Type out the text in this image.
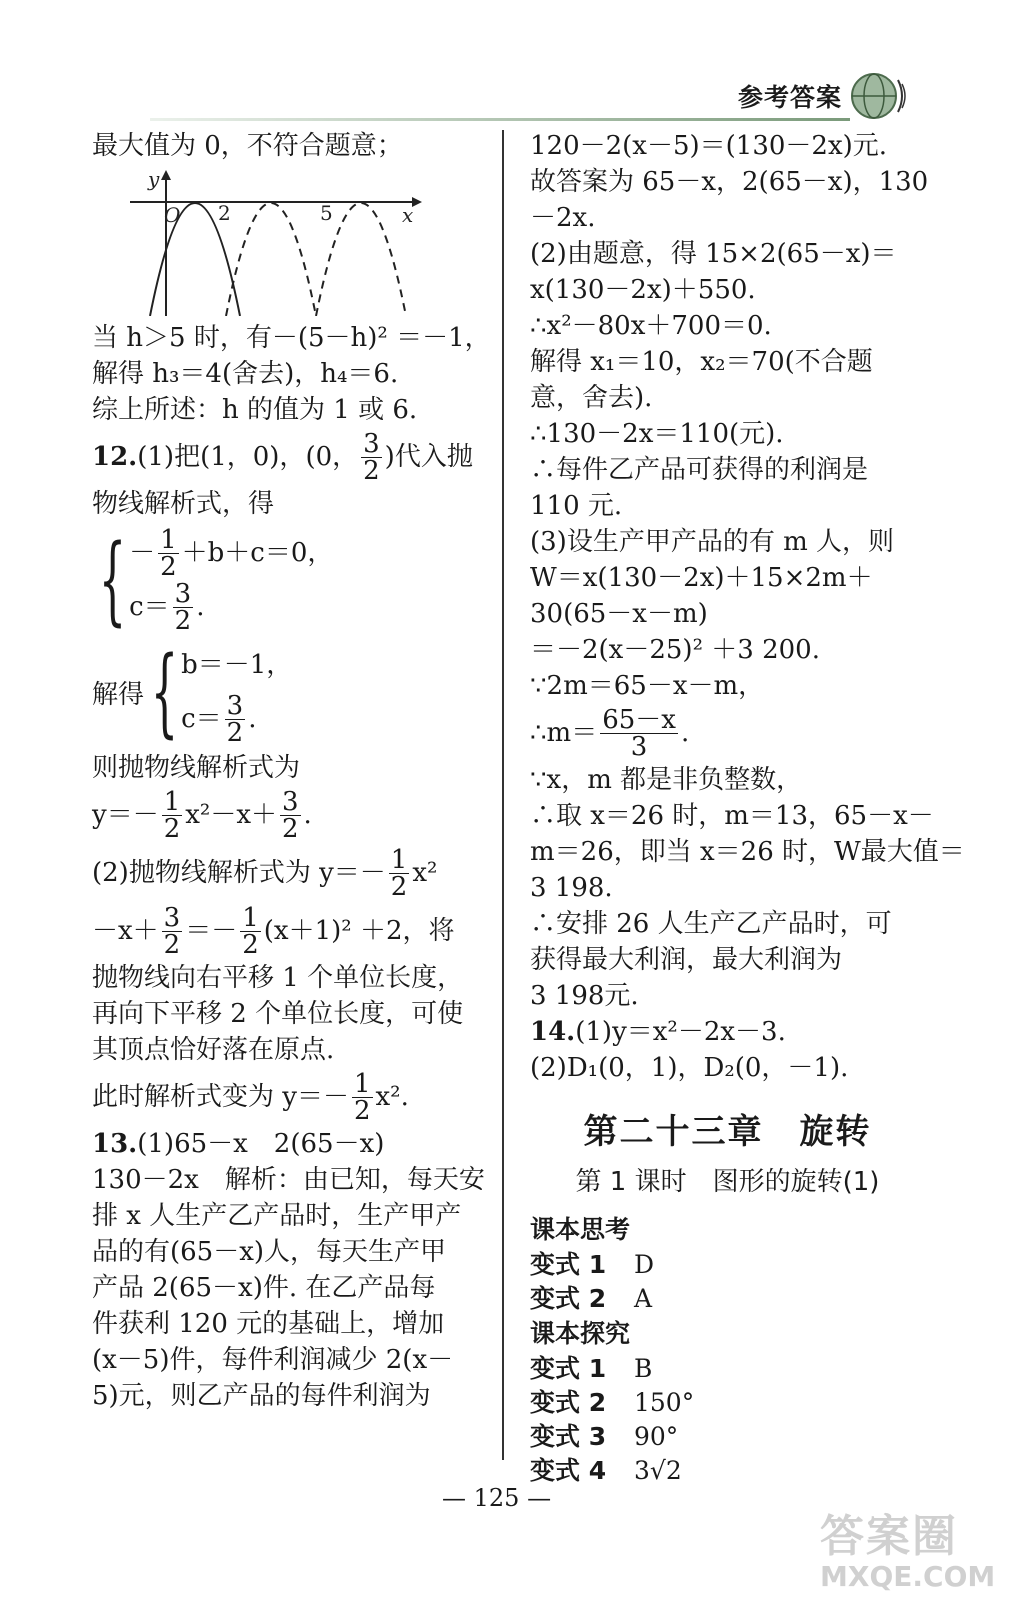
参考答案

最大值为 0，不符合题意；

y
x
O 2	5

当 h＞5 时，有－(5－h)² ＝－1，

解得 h₃＝4(舍去)，h₄＝6.

综上所述：h 的值为 1 或 6.

12. (1)把(1，0)， (0， $\frac{3}{2}$ ) 代入抛

物线解析式，得

{ － $\frac{1}{2} +b+c=0$，
$c= \frac{3}{2}$ .
解得 { b＝－1，
$c= \frac{3}{2}$ .

则抛物线解析式为

$y=- \frac{1}{2} x^2-x+ \frac{3}{2}$ .
(2)抛物线解析式为 $y=- \frac{1}{2} x^2$
$-x+ \frac{3}{2} =- \frac{1}{2} (x+1)^2 +2$，将

抛物线向右平移 1 个单位长度，

再向下平移 2 个单位长度，可使

其顶点恰好落在原点.

此时解析式变为 $y=- \frac{1}{2} x^2$.

13.(1)65－x　2(65－x)

130－2x　解析：由已知，每天安

排 x 人生产乙产品时，生产甲产

品的有(65－x)人，每天生产甲

产品 2(65－x)件. 在乙产品每

件获利 120 元的基础上，增加

(x－5)件，每件利润减少 2(x－

5)元，则乙产品的每件利润为

120－2(x－5)＝(130－2x)元.

故答案为 65－x，2(65－x)，130

－2x.

(2)由题意，得 15×2(65－x)＝

x(130－2x)＋550.

∴x²－80x＋700＝0.

解得 x₁＝10，x₂＝70(不合题

意，舍去).

∴130－2x＝110(元).

∴每件乙产品可获得的利润是

110 元.

(3)设生产甲产品的有 m 人，则

W＝x(130－2x)＋15×2m＋

30(65－x－m)

＝－2(x－25)² ＋3 200.

∵2m＝65－x－m，

∴m＝ $\frac{65-x}{3}$ .

∵x，m 都是非负整数，

∴取 x＝26 时，m＝13，65－x－

m＝26，即当 x＝26 时，W最大值＝

3 198.

∴安排 26 人生产乙产品时，可

获得最大利润，最大利润为

3 198元.

14.(1)y＝x²－2x－3.

(2)D₁(0，1)，D₂(0，－1).

第二十三章　旋转
第 1 课时　图形的旋转(1)

课本思考

变式 1	D
变式 2	A

课本探究

变式 1	B
变式 2	150°
变式 3	90°
变式 4	3√2
— 125 —
答案圈
MXQE.COM
